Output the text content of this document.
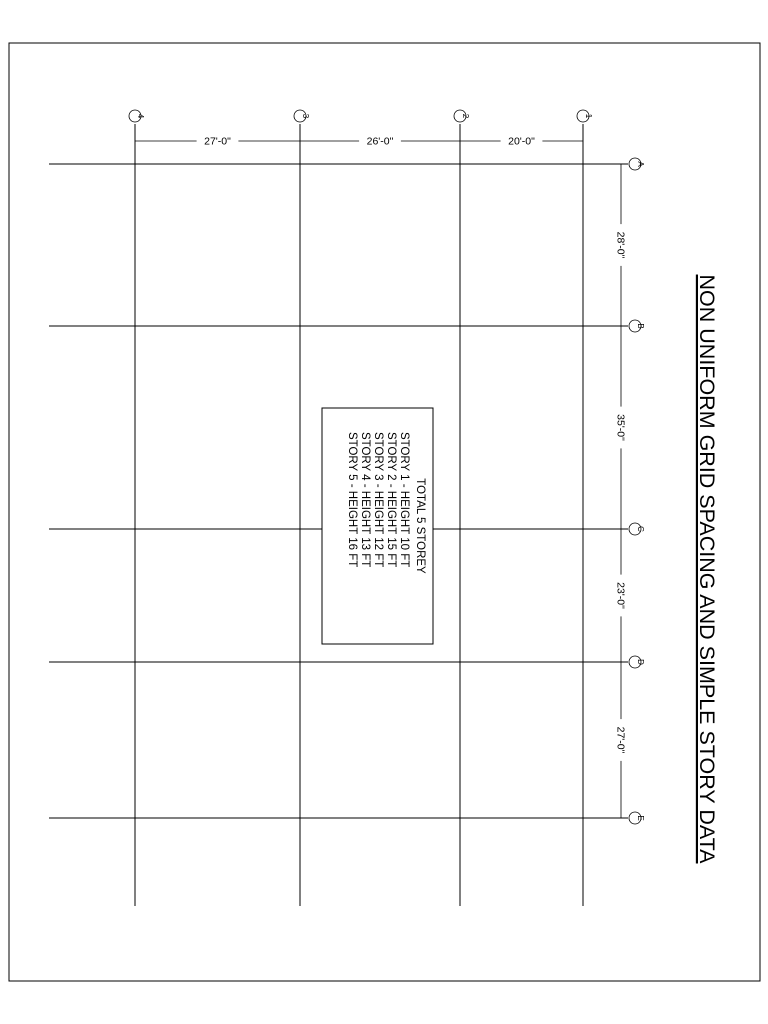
27'-0"	26'-0"	20'-0"
28'-0"
35'-0"
23'-0"
27'-0"
4	3	2	1
A
B
C
D
E
TOTAL 5 STOREY
STORY 1 - HEIGHT 10 FT
STORY 2 - HEIGHT 15 FT
STORY 3 - HEIGHT 12 FT
STORY 4 - HEIGHT 13 FT
STORY 5 - HEIGHT 16 FT	NON UNIFORM GRID SPACING AND SIMPLE STORY DATA
